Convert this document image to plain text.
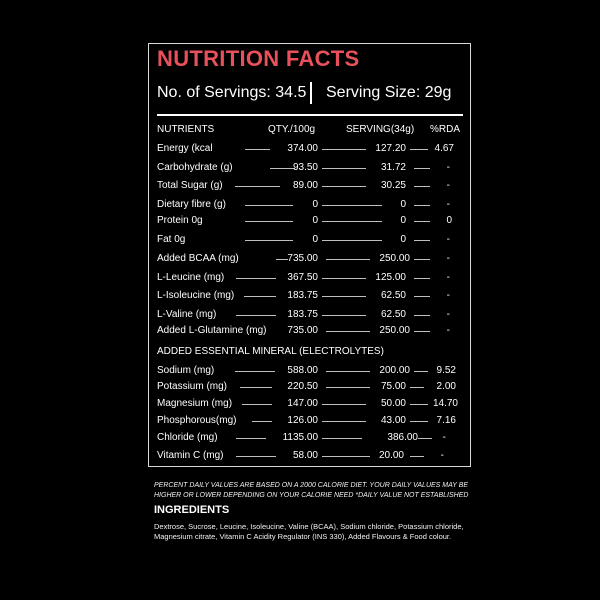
NUTRITION FACTS
No. of Servings: 34.5 Serving Size: 29g
NUTRIENTS	QTY./100g	SERVING(34g) %RDA
Energy (kcal	374.00	127.20	4.67
Carbohydrate (g)	93.50	31.72	-
Total Sugar (g)	89.00	30.25	-
Dietary fibre (g)	0	0	-
Protein 0g	0	0	0
Fat 0g	0	0	-
Added BCAA (mg)	735.00	250.00	-
L-Leucine (mg)	367.50	125.00	-
L-Isoleucine (mg)	183.75	62.50	-
L-Valine (mg)	183.75	62.50	-
Added L-Glutamine (mg)	735.00	250.00	-
ADDED ESSENTIAL MINERAL (ELECTROLYTES)
Sodium (mg)	588.00	200.00	9.52
Potassium (mg)	220.50	75.00	2.00
Magnesium (mg)	147.00	50.00	14.70
Phosphorous(mg)	126.00	43.00	7.16
Chloride (mg)	1135.00	386.00	-
Vitamin C (mg)	58.00	20.00	-
PERCENT DAILY VALUES ARE BASED ON A 2000 CALORIE DIET. YOUR DAILY VALUES MAY BE HIGHER OR LOWER DEPENDING ON YOUR CALORIE NEED *DAILY VALUE NOT ESTABLISHED
INGREDIENTS
Dextrose, Sucrose, Leucine, Isoleucine, Valine (BCAA), Sodium chloride, Potassium chloride, Magnesium citrate, Vitamin C Acidity Regulator (INS 330), Added Flavours & Food colour.
